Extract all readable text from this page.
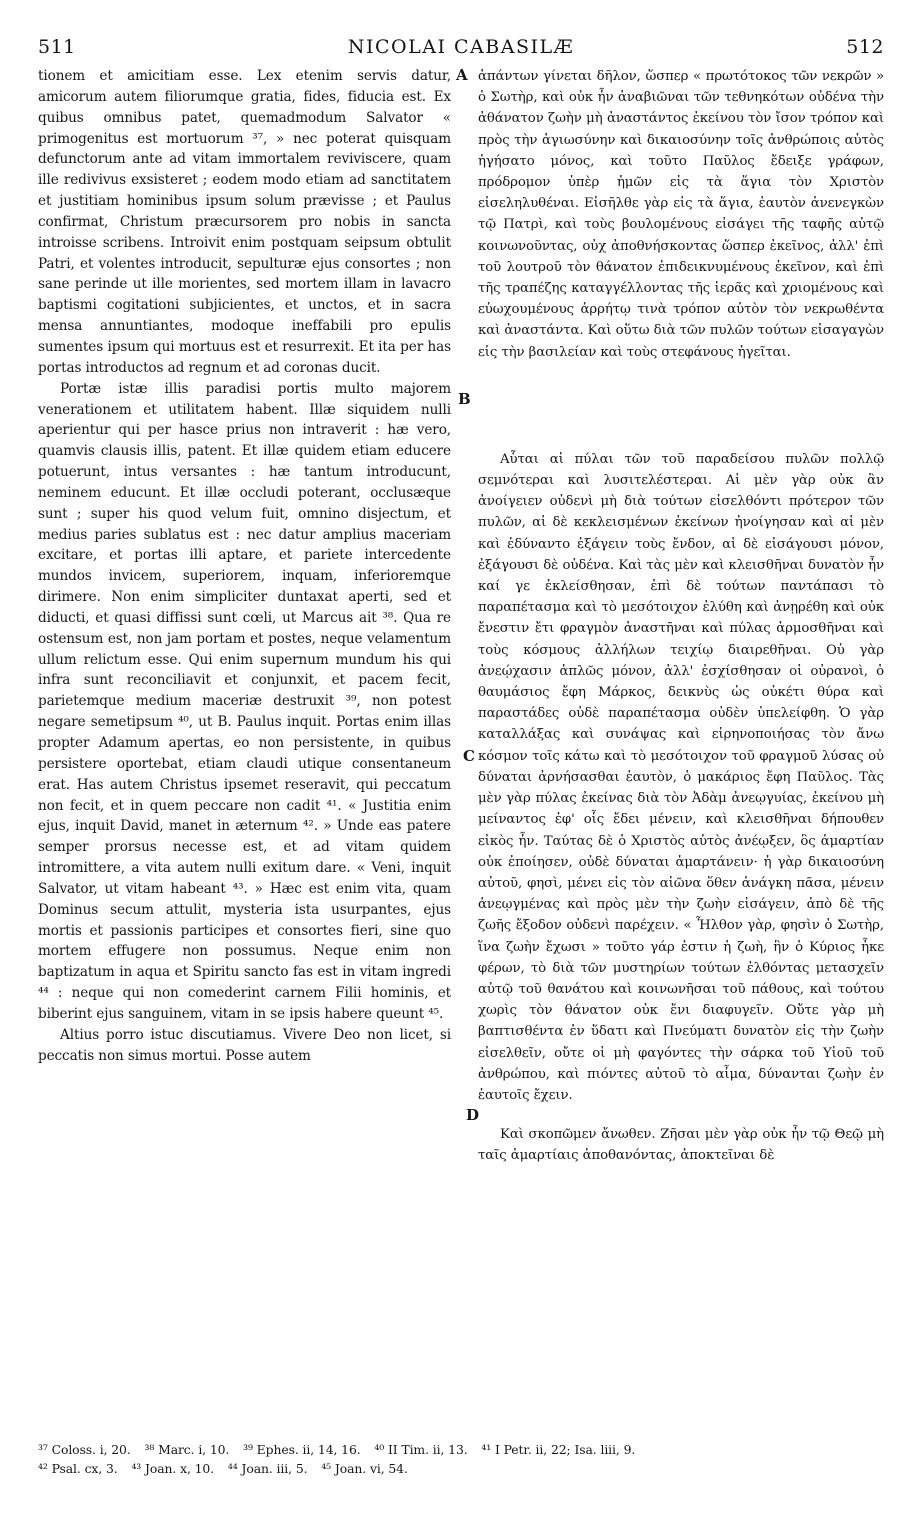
511	NICOLAI CABASILÆ	512

tionem et amicitiam esse. Lex etenim servis datur, amicorum autem filiorumque gratia, fides, fiducia est. Ex quibus omnibus patet, quemadmodum Salvator « primogenitus est mortuorum ³⁷, » nec poterat quisquam defunctorum ante ad vitam immortalem reviviscere, quam ille redivivus exsisteret ; eodem modo etiam ad sanctitatem et justitiam hominibus ipsum solum prævisse ; et Paulus confirmat, Christum præcursorem pro nobis in sancta introisse scribens. Introivit enim postquam seipsum obtulit Patri, et volentes introducit, sepulturæ ejus consortes ; non sane perinde ut ille morientes, sed mortem illam in lavacro baptismi cogitationi subjicientes, et unctos, et in sacra mensa annuntiantes, modoque ineffabili pro epulis sumentes ipsum qui mortuus est et resurrexit. Et ita per has portas introductos ad regnum et ad coronas ducit.

Portæ istæ illis paradisi portis multo majorem venerationem et utilitatem habent. Illæ siquidem nulli aperientur qui per hasce prius non intraverit : hæ vero, quamvis clausis illis, patent. Et illæ quidem etiam educere potuerunt, intus versantes : hæ tantum introducunt, neminem educunt. Et illæ occludi poterant, occlusæque sunt ; super his quod velum fuit, omnino disjectum, et medius paries sublatus est : nec datur amplius maceriam excitare, et portas illi aptare, et pariete intercedente mundos invicem, superiorem, inquam, inferioremque dirimere. Non enim simpliciter duntaxat aperti, sed et diducti, et quasi diffissi sunt cœli, ut Marcus ait ³⁸. Qua re ostensum est, non jam portam et postes, neque velamentum ullum relictum esse. Qui enim supernum mundum his qui infra sunt reconciliavit et conjunxit, et pacem fecit, parietemque medium maceriæ destruxit ³⁹, non potest negare semetipsum ⁴⁰, ut B. Paulus inquit. Portas enim illas propter Adamum apertas, eo non persistente, in quibus persistere oportebat, etiam claudi utique consentaneum erat. Has autem Christus ipsemet reseravit, qui peccatum non fecit, et in quem peccare non cadit ⁴¹. « Justitia enim ejus, inquit David, manet in æternum ⁴². » Unde eas patere semper prorsus necesse est, et ad vitam quidem intromittere, a vita autem nulli exitum dare. « Veni, inquit Salvator, ut vitam habeant ⁴³. » Hæc est enim vita, quam Dominus secum attulit, mysteria ista usurpantes, ejus mortis et passionis participes et consortes fieri, sine quo mortem effugere non possumus. Neque enim non baptizatum in aqua et Spiritu sancto fas est in vitam ingredi ⁴⁴ : neque qui non comederint carnem Filii hominis, et biberint ejus sanguinem, vitam in se ipsis habere queunt ⁴⁵.

Altius porro istuc discutiamus. Vivere Deo non licet, si peccatis non simus mortui. Posse autem

A
B
C
D

ἁπάντων γίνεται δῆλον, ὥσπερ « πρωτότοκος τῶν νεκρῶν » ὁ Σωτὴρ, καὶ οὐκ ἦν ἀναβιῶναι τῶν τεθνηκότων οὐδένα τὴν ἀθάνατον ζωὴν μὴ ἀναστάντος ἐκείνου τὸν ἴσον τρόπον καὶ πρὸς τὴν ἁγιωσύνην καὶ δικαιοσύνην τοῖς ἀνθρώποις αὐτὸς ἡγήσατο μόνος, καὶ τοῦτο Παῦλος ἔδειξε γράφων, πρόδρομον ὑπὲρ ἡμῶν εἰς τὰ ἅγια τὸν Χριστὸν εἰσεληλυθέναι. Εἰσῆλθε γὰρ εἰς τὰ ἅγια, ἑαυτὸν ἀνενεγκὼν τῷ Πατρὶ, καὶ τοὺς βουλομένους εἰσάγει τῆς ταφῆς αὐτῷ κοινωνοῦντας, οὐχ ἀποθνήσκοντας ὥσπερ ἐκεῖνος, ἀλλ' ἐπὶ τοῦ λουτροῦ τὸν θάνατον ἐπιδεικνυμένους ἐκεῖνον, καὶ ἐπὶ τῆς τραπέζης καταγγέλλοντας τῆς ἱερᾶς καὶ χριομένους καὶ εὐωχουμένους ἀρρήτῳ τινὰ τρόπον αὐτὸν τὸν νεκρωθέντα καὶ ἀναστάντα. Καὶ οὕτω διὰ τῶν πυλῶν τούτων εἰσαγαγὼν εἰς τὴν βασιλείαν καὶ τοὺς στεφάνους ἡγεῖται.

Αὗται αἱ πύλαι τῶν τοῦ παραδείσου πυλῶν πολλῷ σεμνότεραι καὶ λυσιτελέστεραι. Αἱ μὲν γὰρ οὐκ ἂν ἀνοίγειεν οὐδενὶ μὴ διὰ τούτων εἰσελθόντι πρότερον τῶν πυλῶν, αἱ δὲ κεκλεισμένων ἐκείνων ἠνοίγησαν καὶ αἱ μὲν καὶ ἐδύναντο ἐξάγειν τοὺς ἔνδον, αἱ δὲ εἰσάγουσι μόνον, ἐξάγουσι δὲ οὐδένα. Καὶ τὰς μὲν καὶ κλεισθῆναι δυνατὸν ἦν καί γε ἐκλείσθησαν, ἐπὶ δὲ τούτων παντάπασι τὸ παραπέτασμα καὶ τὸ μεσότοιχον ἐλύθη καὶ ἀνῃρέθη καὶ οὐκ ἔνεστιν ἔτι φραγμὸν ἀναστῆναι καὶ πύλας ἁρμοσθῆναι καὶ τοὺς κόσμους ἀλλήλων τειχίῳ διαιρεθῆναι. Οὐ γὰρ ἀνεῴχασιν ἁπλῶς μόνον, ἀλλ' ἐσχίσθησαν οἱ οὐρανοὶ, ὁ θαυμάσιος ἔφη Μάρκος, δεικνὺς ὡς οὐκέτι θύρα καὶ παραστάδες οὐδὲ παραπέτασμα οὐδὲν ὑπελείφθη. Ὁ γὰρ καταλλάξας καὶ συνάψας καὶ εἰρηνοποιήσας τὸν ἄνω κόσμον τοῖς κάτω καὶ τὸ μεσότοιχον τοῦ φραγμοῦ λύσας οὐ δύναται ἀρνήσασθαι ἑαυτὸν, ὁ μακάριος ἔφη Παῦλος. Τὰς μὲν γὰρ πύλας ἐκείνας διὰ τὸν Ἀδὰμ ἀνεῳγυίας, ἐκείνου μὴ μείναντος ἐφ' οἷς ἔδει μένειν, καὶ κλεισθῆναι δήπουθεν εἰκὸς ἦν. Ταύτας δὲ ὁ Χριστὸς αὐτὸς ἀνέῳξεν, ὃς ἁμαρτίαν οὐκ ἐποίησεν, οὐδὲ δύναται ἁμαρτάνειν· ἡ γὰρ δικαιοσύνη αὐτοῦ, φησὶ, μένει εἰς τὸν αἰῶνα ὅθεν ἀνάγκη πᾶσα, μένειν ἀνεῳγμένας καὶ πρὸς μὲν τὴν ζωὴν εἰσάγειν, ἀπὸ δὲ τῆς ζωῆς ἔξοδον οὐδενὶ παρέχειν. « Ἦλθον γὰρ, φησὶν ὁ Σωτὴρ, ἵνα ζωὴν ἔχωσι » τοῦτο γάρ ἐστιν ἡ ζωὴ, ἣν ὁ Κύριος ἧκε φέρων, τὸ διὰ τῶν μυστηρίων τούτων ἐλθόντας μετασχεῖν αὐτῷ τοῦ θανάτου καὶ κοινωνῆσαι τοῦ πάθους, καὶ τούτου χωρὶς τὸν θάνατον οὐκ ἔνι διαφυγεῖν. Οὔτε γὰρ μὴ βαπτισθέντα ἐν ὕδατι καὶ Πνεύματι δυνατὸν εἰς τὴν ζωὴν εἰσελθεῖν, οὔτε οἱ μὴ φαγόντες τὴν σάρκα τοῦ Υἱοῦ τοῦ ἀνθρώπου, καὶ πιόντες αὐτοῦ τὸ αἷμα, δύνανται ζωὴν ἐν ἑαυτοῖς ἔχειν.

Καὶ σκοπῶμεν ἄνωθεν. Ζῆσαι μὲν γὰρ οὐκ ἦν τῷ Θεῷ μὴ ταῖς ἁμαρτίαις ἀποθανόντας, ἀποκτεῖναι δὲ

³⁷ Coloss. i, 20. ³⁸ Marc. i, 10. ³⁹ Ephes. ii, 14, 16. ⁴⁰ II Tim. ii, 13. ⁴¹ I Petr. ii, 22; Isa. liii, 9.
⁴² Psal. cx, 3. ⁴³ Joan. x, 10. ⁴⁴ Joan. iii, 5. ⁴⁵ Joan. vi, 54.
